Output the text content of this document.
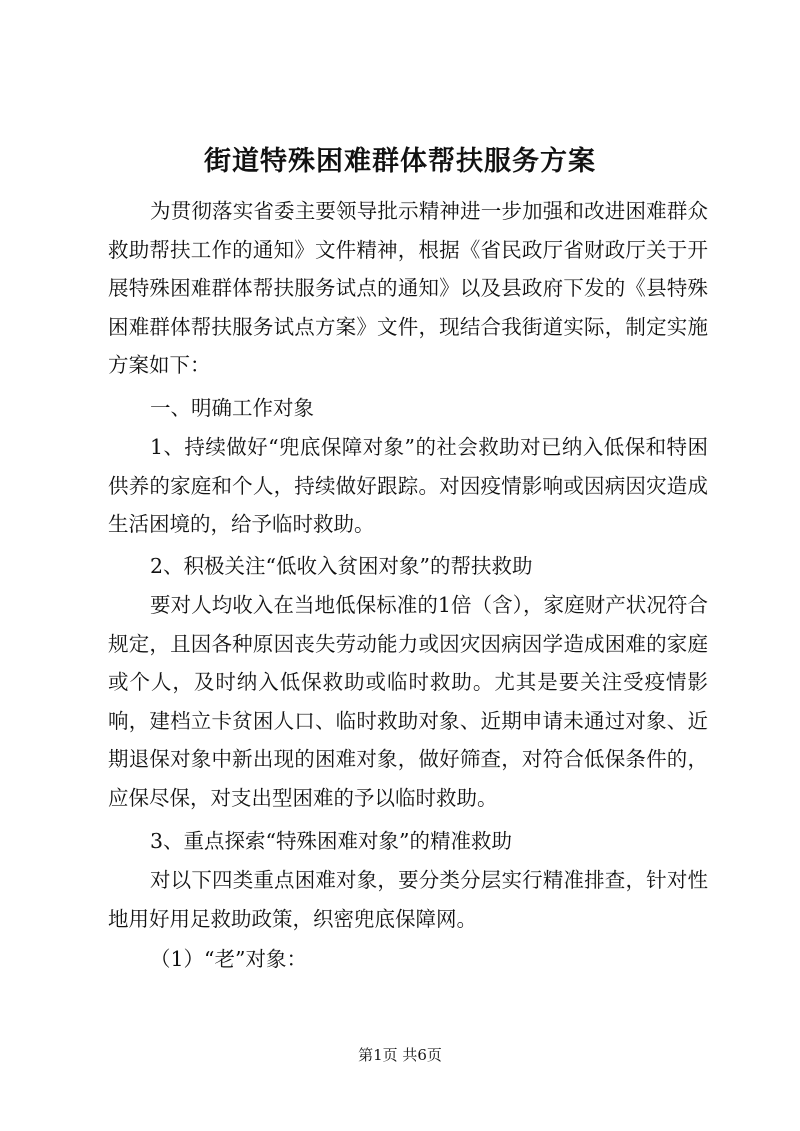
街道特殊困难群体帮扶服务方案

为贯彻落实省委主要领导批示精神进一步加强和改进困难群众救助帮扶工作的通知》文件精神，根据《省民政厅省财政厅关于开展特殊困难群体帮扶服务试点的通知》以及县政府下发的《县特殊困难群体帮扶服务试点方案》文件，现结合我街道实际，制定实施方案如下：

一、明确工作对象

1、持续做好“兜底保障对象”的社会救助对已纳入低保和特困供养的家庭和个人，持续做好跟踪。对因疫情影响或因病因灾造成生活困境的，给予临时救助。

2、积极关注“低收入贫困对象”的帮扶救助

要对人均收入在当地低保标准的1倍（含），家庭财产状况符合规定，且因各种原因丧失劳动能力或因灾因病因学造成困难的家庭或个人，及时纳入低保救助或临时救助。尤其是要关注受疫情影响，建档立卡贫困人口、临时救助对象、近期申请未通过对象、近期退保对象中新出现的困难对象，做好筛查，对符合低保条件的，应保尽保，对支出型困难的予以临时救助。

3、重点探索“特殊困难对象”的精准救助

对以下四类重点困难对象，要分类分层实行精准排查，针对性地用好用足救助政策，织密兜底保障网。

（1）“老”对象：

第1页 共6页
